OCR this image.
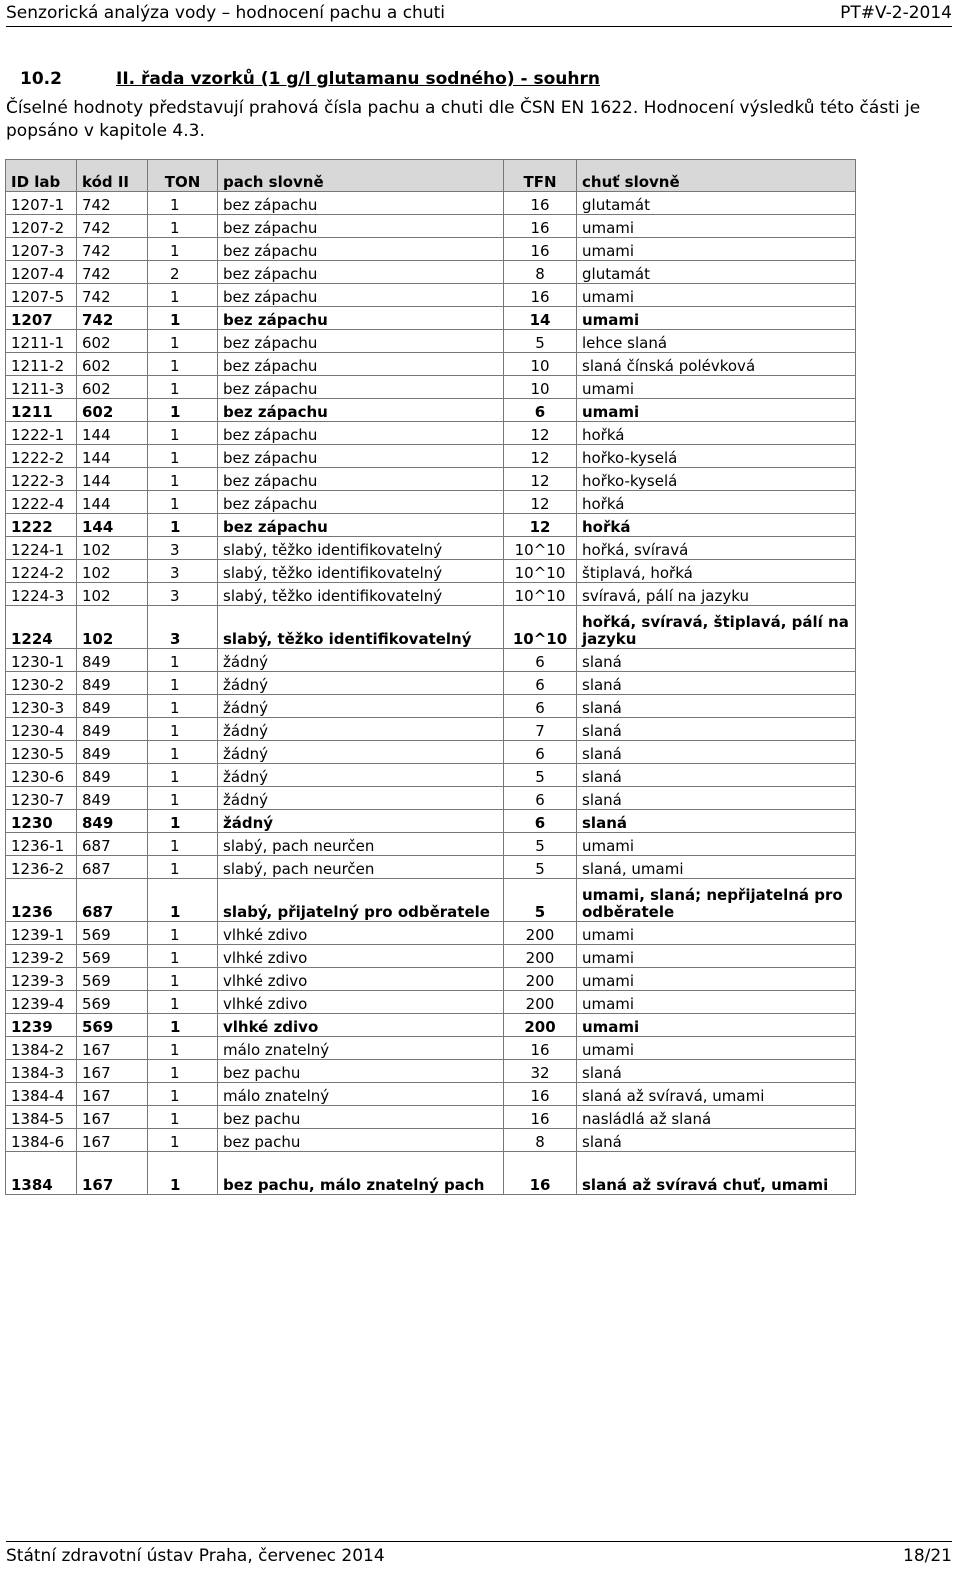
Senzorická analýza vody – hodnocení pachu a chuti	PT#V-2-2014
10.2	II. řada vzorků (1 g/l glutamanu sodného) - souhrn
Číselné hodnoty představují prahová čísla pachu a chuti dle ČSN EN 1622. Hodnocení výsledků této části je popsáno v kapitole 4.3.
ID lab	kód II	TON	pach slovně	TFN	chuť slovně
1207-1	742	1	bez zápachu	16	glutamát
1207-2	742	1	bez zápachu	16	umami
1207-3	742	1	bez zápachu	16	umami
1207-4	742	2	bez zápachu	8	glutamát
1207-5	742	1	bez zápachu	16	umami
1207	742	1	bez zápachu	14	umami
1211-1	602	1	bez zápachu	5	lehce slaná
1211-2	602	1	bez zápachu	10	slaná čínská polévková
1211-3	602	1	bez zápachu	10	umami
1211	602	1	bez zápachu	6	umami
1222-1	144	1	bez zápachu	12	hořká
1222-2	144	1	bez zápachu	12	hořko-kyselá
1222-3	144	1	bez zápachu	12	hořko-kyselá
1222-4	144	1	bez zápachu	12	hořká
1222	144	1	bez zápachu	12	hořká
1224-1	102	3	slabý, těžko identifikovatelný	10^10	hořká, svíravá
1224-2	102	3	slabý, těžko identifikovatelný	10^10	štiplavá, hořká
1224-3	102	3	slabý, těžko identifikovatelný	10^10	svíravá, pálí na jazyku
1224	102	3	slabý, těžko identifikovatelný	10^10	hořká, svíravá, štiplavá, pálí na jazyku
1230-1	849	1	žádný	6	slaná
1230-2	849	1	žádný	6	slaná
1230-3	849	1	žádný	6	slaná
1230-4	849	1	žádný	7	slaná
1230-5	849	1	žádný	6	slaná
1230-6	849	1	žádný	5	slaná
1230-7	849	1	žádný	6	slaná
1230	849	1	žádný	6	slaná
1236-1	687	1	slabý, pach neurčen	5	umami
1236-2	687	1	slabý, pach neurčen	5	slaná, umami
1236	687	1	slabý, přijatelný pro odběratele	5	umami, slaná; nepřijatelná pro odběratele
1239-1	569	1	vlhké zdivo	200	umami
1239-2	569	1	vlhké zdivo	200	umami
1239-3	569	1	vlhké zdivo	200	umami
1239-4	569	1	vlhké zdivo	200	umami
1239	569	1	vlhké zdivo	200	umami
1384-2	167	1	málo znatelný	16	umami
1384-3	167	1	bez pachu	32	slaná
1384-4	167	1	málo znatelný	16	slaná až svíravá, umami
1384-5	167	1	bez pachu	16	nasládlá až slaná
1384-6	167	1	bez pachu	8	slaná
1384	167	1	bez pachu, málo znatelný pach	16	slaná až svíravá chuť, umami
Státní zdravotní ústav Praha, červenec 2014	18/21
